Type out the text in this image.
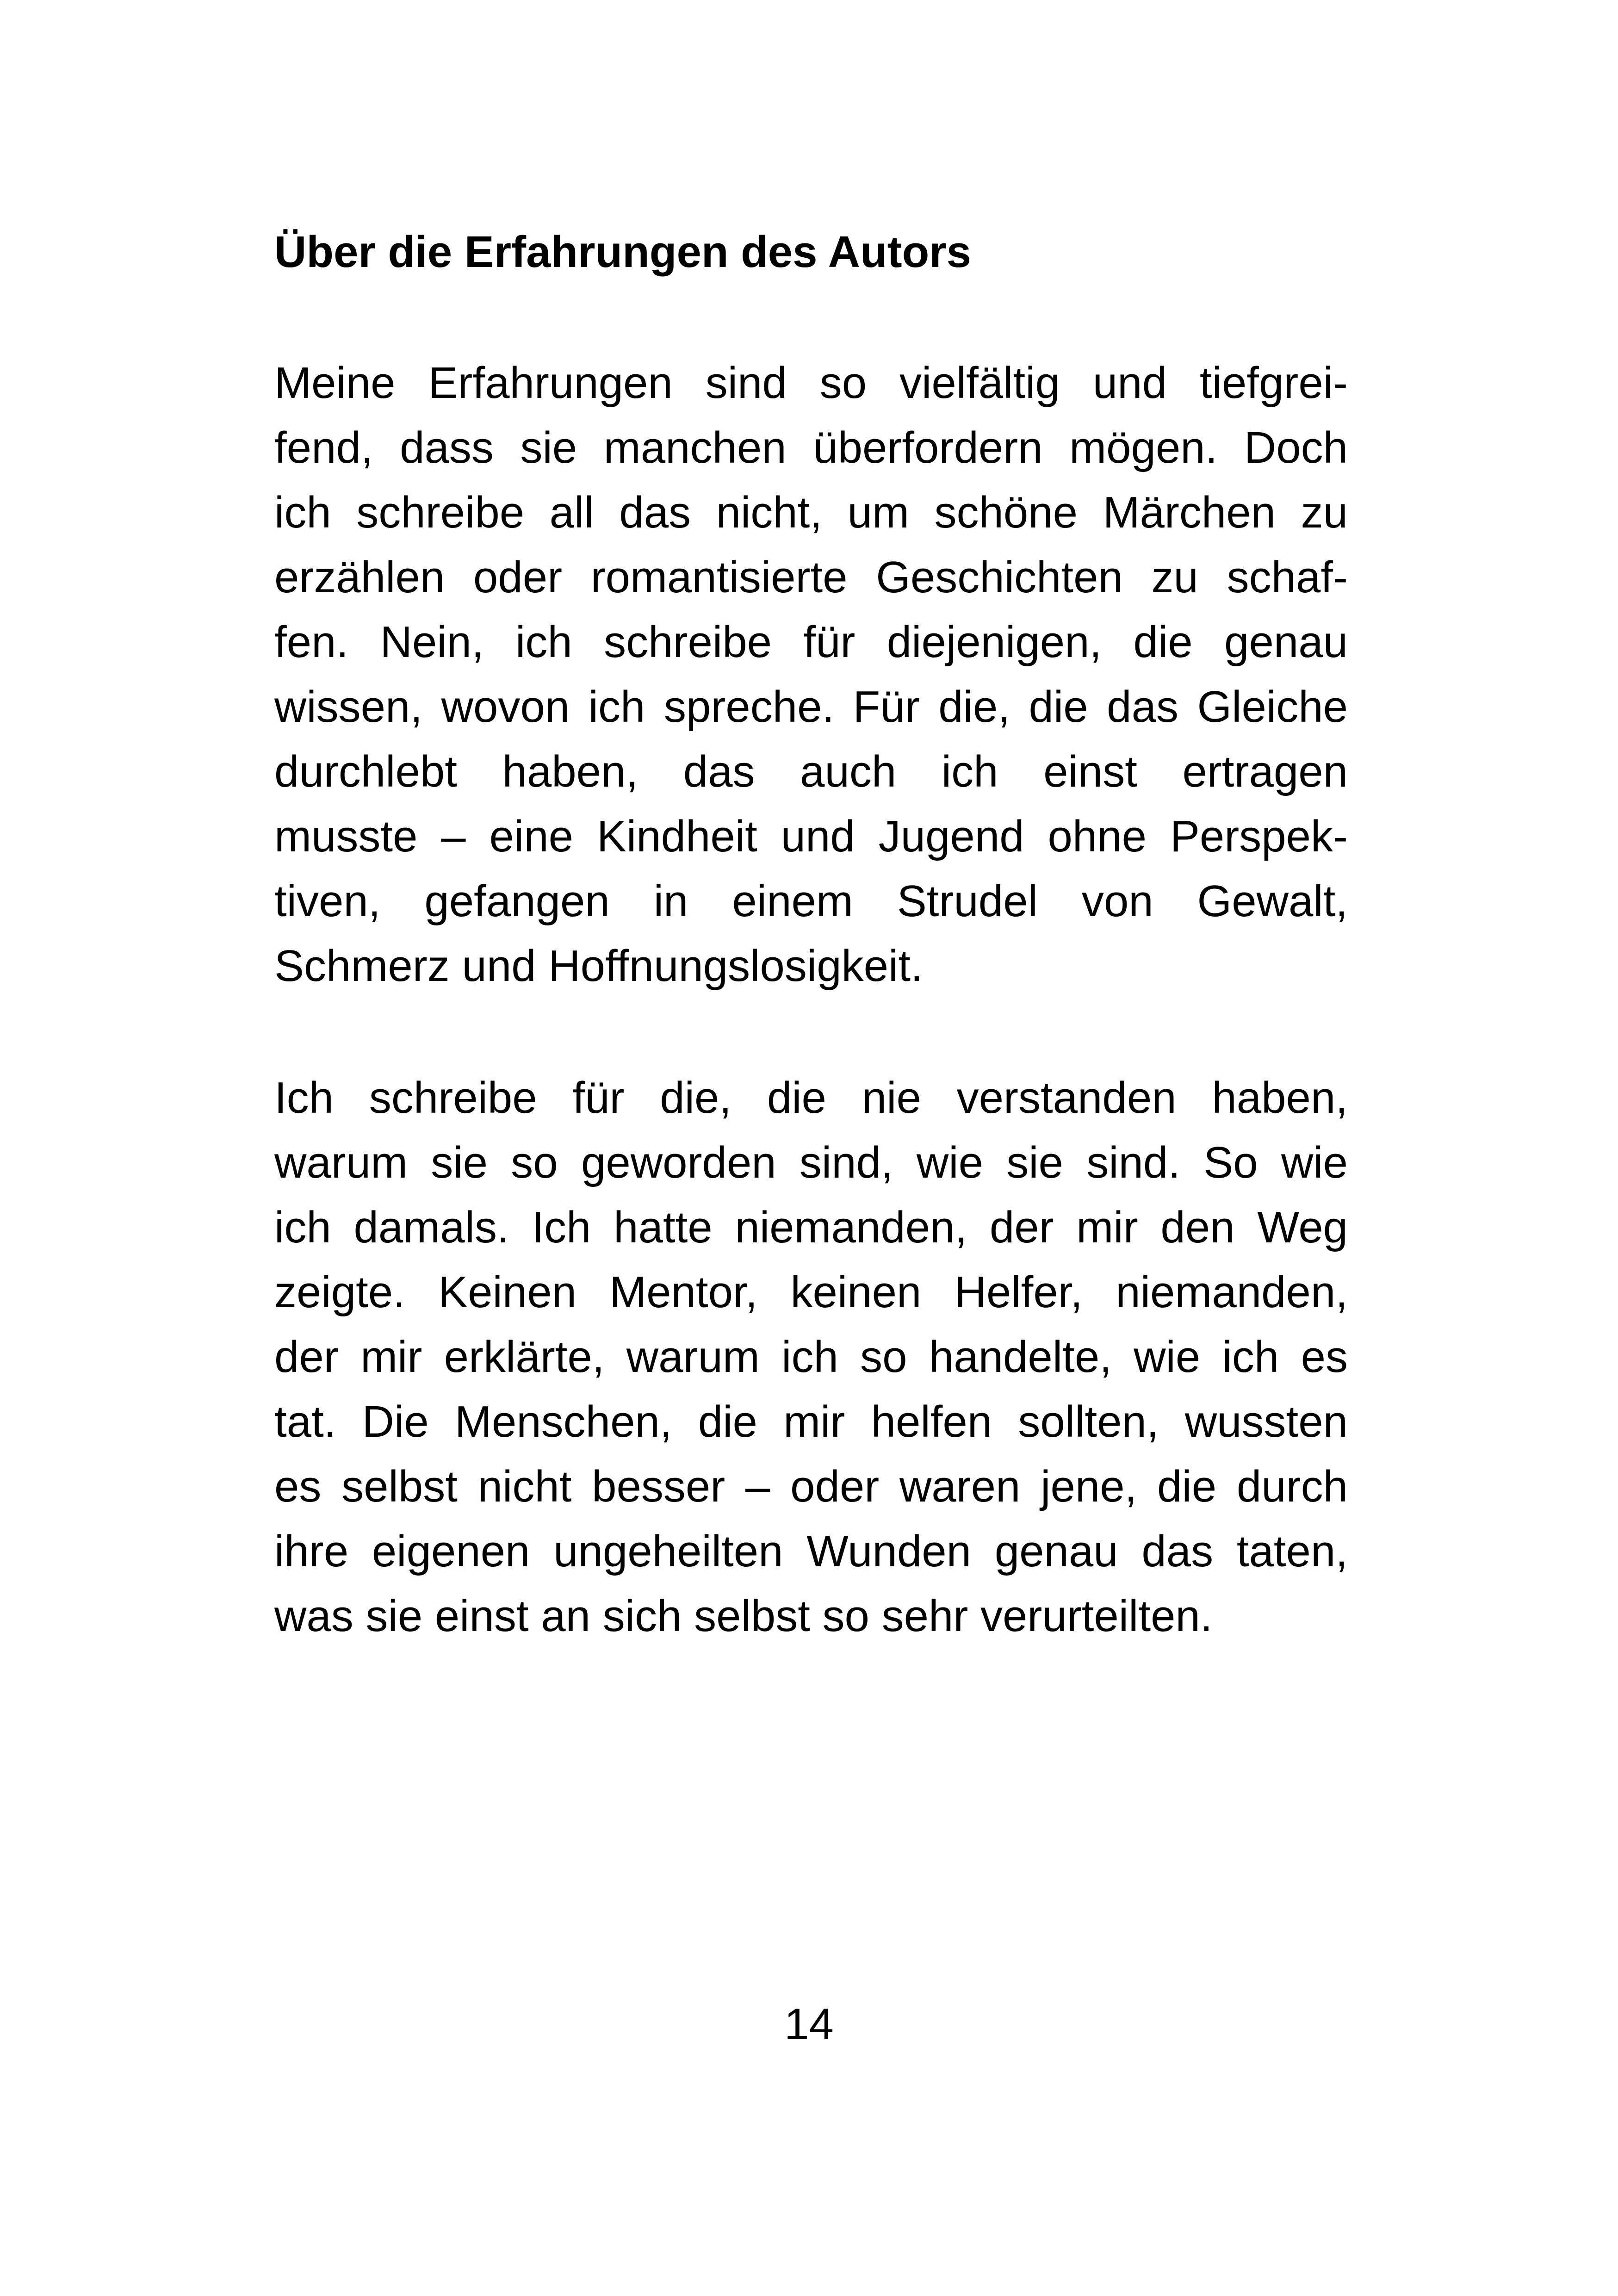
Über die Erfahrungen des Autors
Meine Erfahrungen sind so vielfältig und tiefgrei-
fend, dass sie manchen überfordern mögen. Doch
ich schreibe all das nicht, um schöne Märchen zu
erzählen oder romantisierte Geschichten zu schaf-
fen. Nein, ich schreibe für diejenigen, die genau
wissen, wovon ich spreche. Für die, die das Gleiche
durchlebt haben, das auch ich einst ertragen
musste – eine Kindheit und Jugend ohne Perspek-
tiven, gefangen in einem Strudel von Gewalt,
Schmerz und Hoffnungslosigkeit.
Ich schreibe für die, die nie verstanden haben,
warum sie so geworden sind, wie sie sind. So wie
ich damals. Ich hatte niemanden, der mir den Weg
zeigte. Keinen Mentor, keinen Helfer, niemanden,
der mir erklärte, warum ich so handelte, wie ich es
tat. Die Menschen, die mir helfen sollten, wussten
es selbst nicht besser – oder waren jene, die durch
ihre eigenen ungeheilten Wunden genau das taten,
was sie einst an sich selbst so sehr verurteilten.
14
